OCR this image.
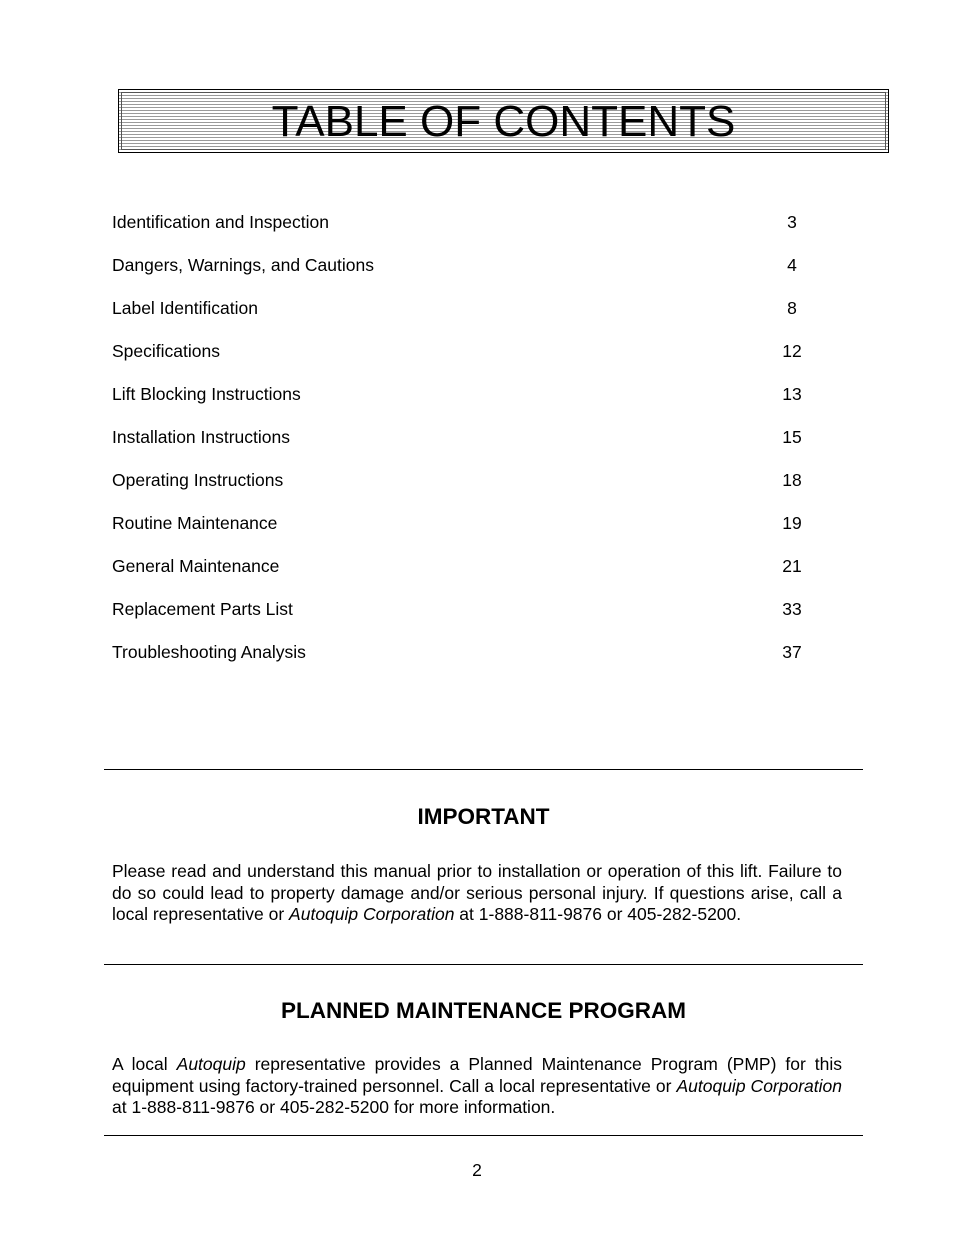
TABLE OF CONTENTS
Identification and Inspection	3
Dangers, Warnings, and Cautions	4
Label Identification	8
Specifications	12
Lift Blocking Instructions	13
Installation Instructions	15
Operating Instructions	18
Routine Maintenance	19
General Maintenance	21
Replacement Parts List	33
Troubleshooting Analysis	37
IMPORTANT
Please read and understand this manual prior to installation or operation of this lift. Failure to do so could lead to property damage and/or serious personal injury. If questions arise, call a local representative or Autoquip Corporation at 1-888-811-9876 or 405-282-5200.
PLANNED MAINTENANCE PROGRAM
A local Autoquip representative provides a Planned Maintenance Program (PMP) for this equipment using factory-trained personnel. Call a local representative or Autoquip Corporation at 1-888-811-9876 or 405-282-5200 for more information.
2
